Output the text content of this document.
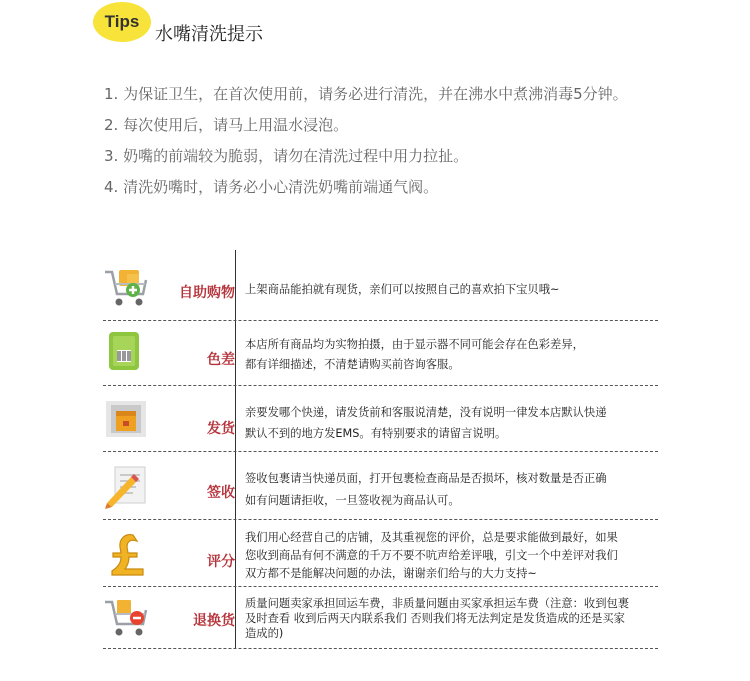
Tips
水嘴清洗提示
1. 为保证卫生，在首次使用前，请务必进行清洗，并在沸水中煮沸消毒5分钟。
2. 每次使用后，请马上用温水浸泡。
3. 奶嘴的前端较为脆弱，请勿在清洗过程中用力拉扯。
4. 清洗奶嘴时，请务必小心清洗奶嘴前端通气阀。
自助购物 上架商品能拍就有现货，亲们可以按照自己的喜欢拍下宝贝哦~
色差
本店所有商品均为实物拍摄，由于显示器不同可能会存在色彩差异，
都有详细描述，不清楚请购买前咨询客服。
发货
亲要发哪个快递，请发货前和客服说清楚，没有说明一律发本店默认快递
默认不到的地方发EMS。有特别要求的请留言说明。
签收
签收包裹请当快递员面，打开包裹检查商品是否损坏，核对数量是否正确
如有问题请拒收，一旦签收视为商品认可。
评分
我们用心经营自己的店铺，及其重视您的评价，总是要求能做到最好，如果
您收到商品有何不满意的千万不要不吭声给差评哦，引文一个中差评对我们
双方都不是能解决问题的办法，谢谢亲们给与的大力支持~
退换货
质量问题卖家承担回运车费，非质量问题由买家承担运车费（注意：收到包裹
及时查看 收到后两天内联系我们 否则我们将无法判定是发货造成的还是买家
造成的)
